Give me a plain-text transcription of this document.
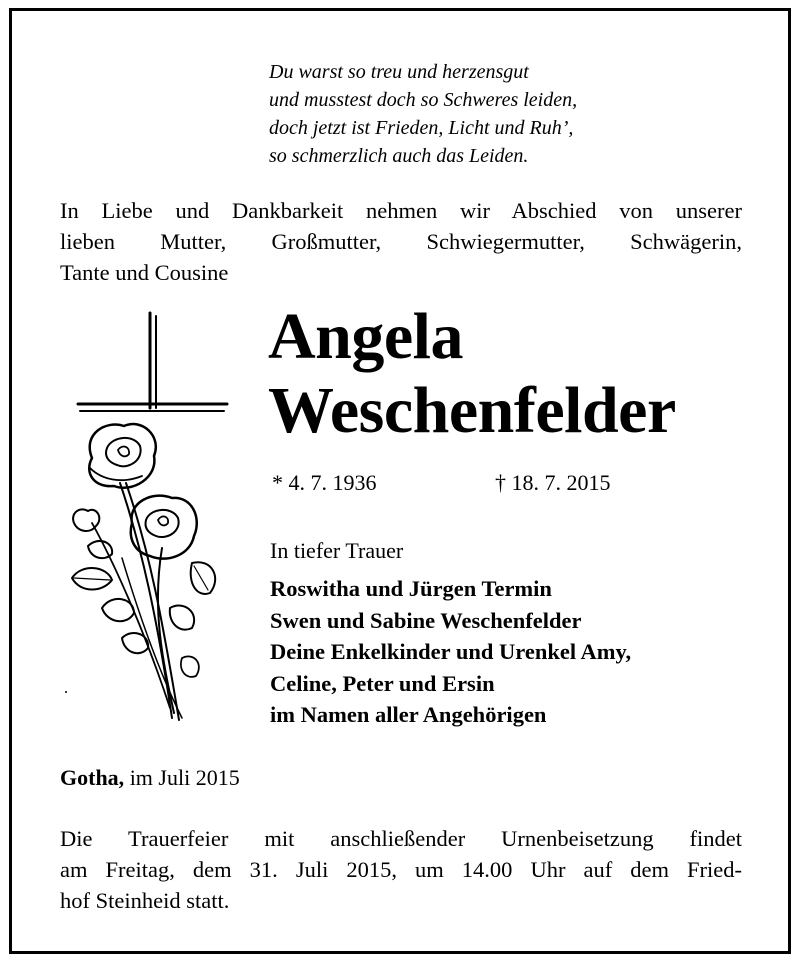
Du warst so treu und herzensgut
und musstest doch so Schweres leiden,
doch jetzt ist Frieden, Licht und Ruh’,
so schmerzlich auch das Leiden.
In Liebe und Dankbarkeit nehmen wir Abschied von unserer
lieben Mutter, Großmutter, Schwiegermutter, Schwägerin,
Tante und Cousine
Angela
Weschenfelder
* 4. 7. 1936	† 18. 7. 2015
In tiefer Trauer
Roswitha und Jürgen Termin
Swen und Sabine Weschenfelder
Deine Enkelkinder und Urenkel Amy,
Celine, Peter und Ersin
im Namen aller Angehörigen
Gotha, im Juli 2015
Die Trauerfeier mit anschließender Urnenbeisetzung findet
am Freitag, dem 31. Juli 2015, um 14.00 Uhr auf dem Fried-
hof Steinheid statt.
